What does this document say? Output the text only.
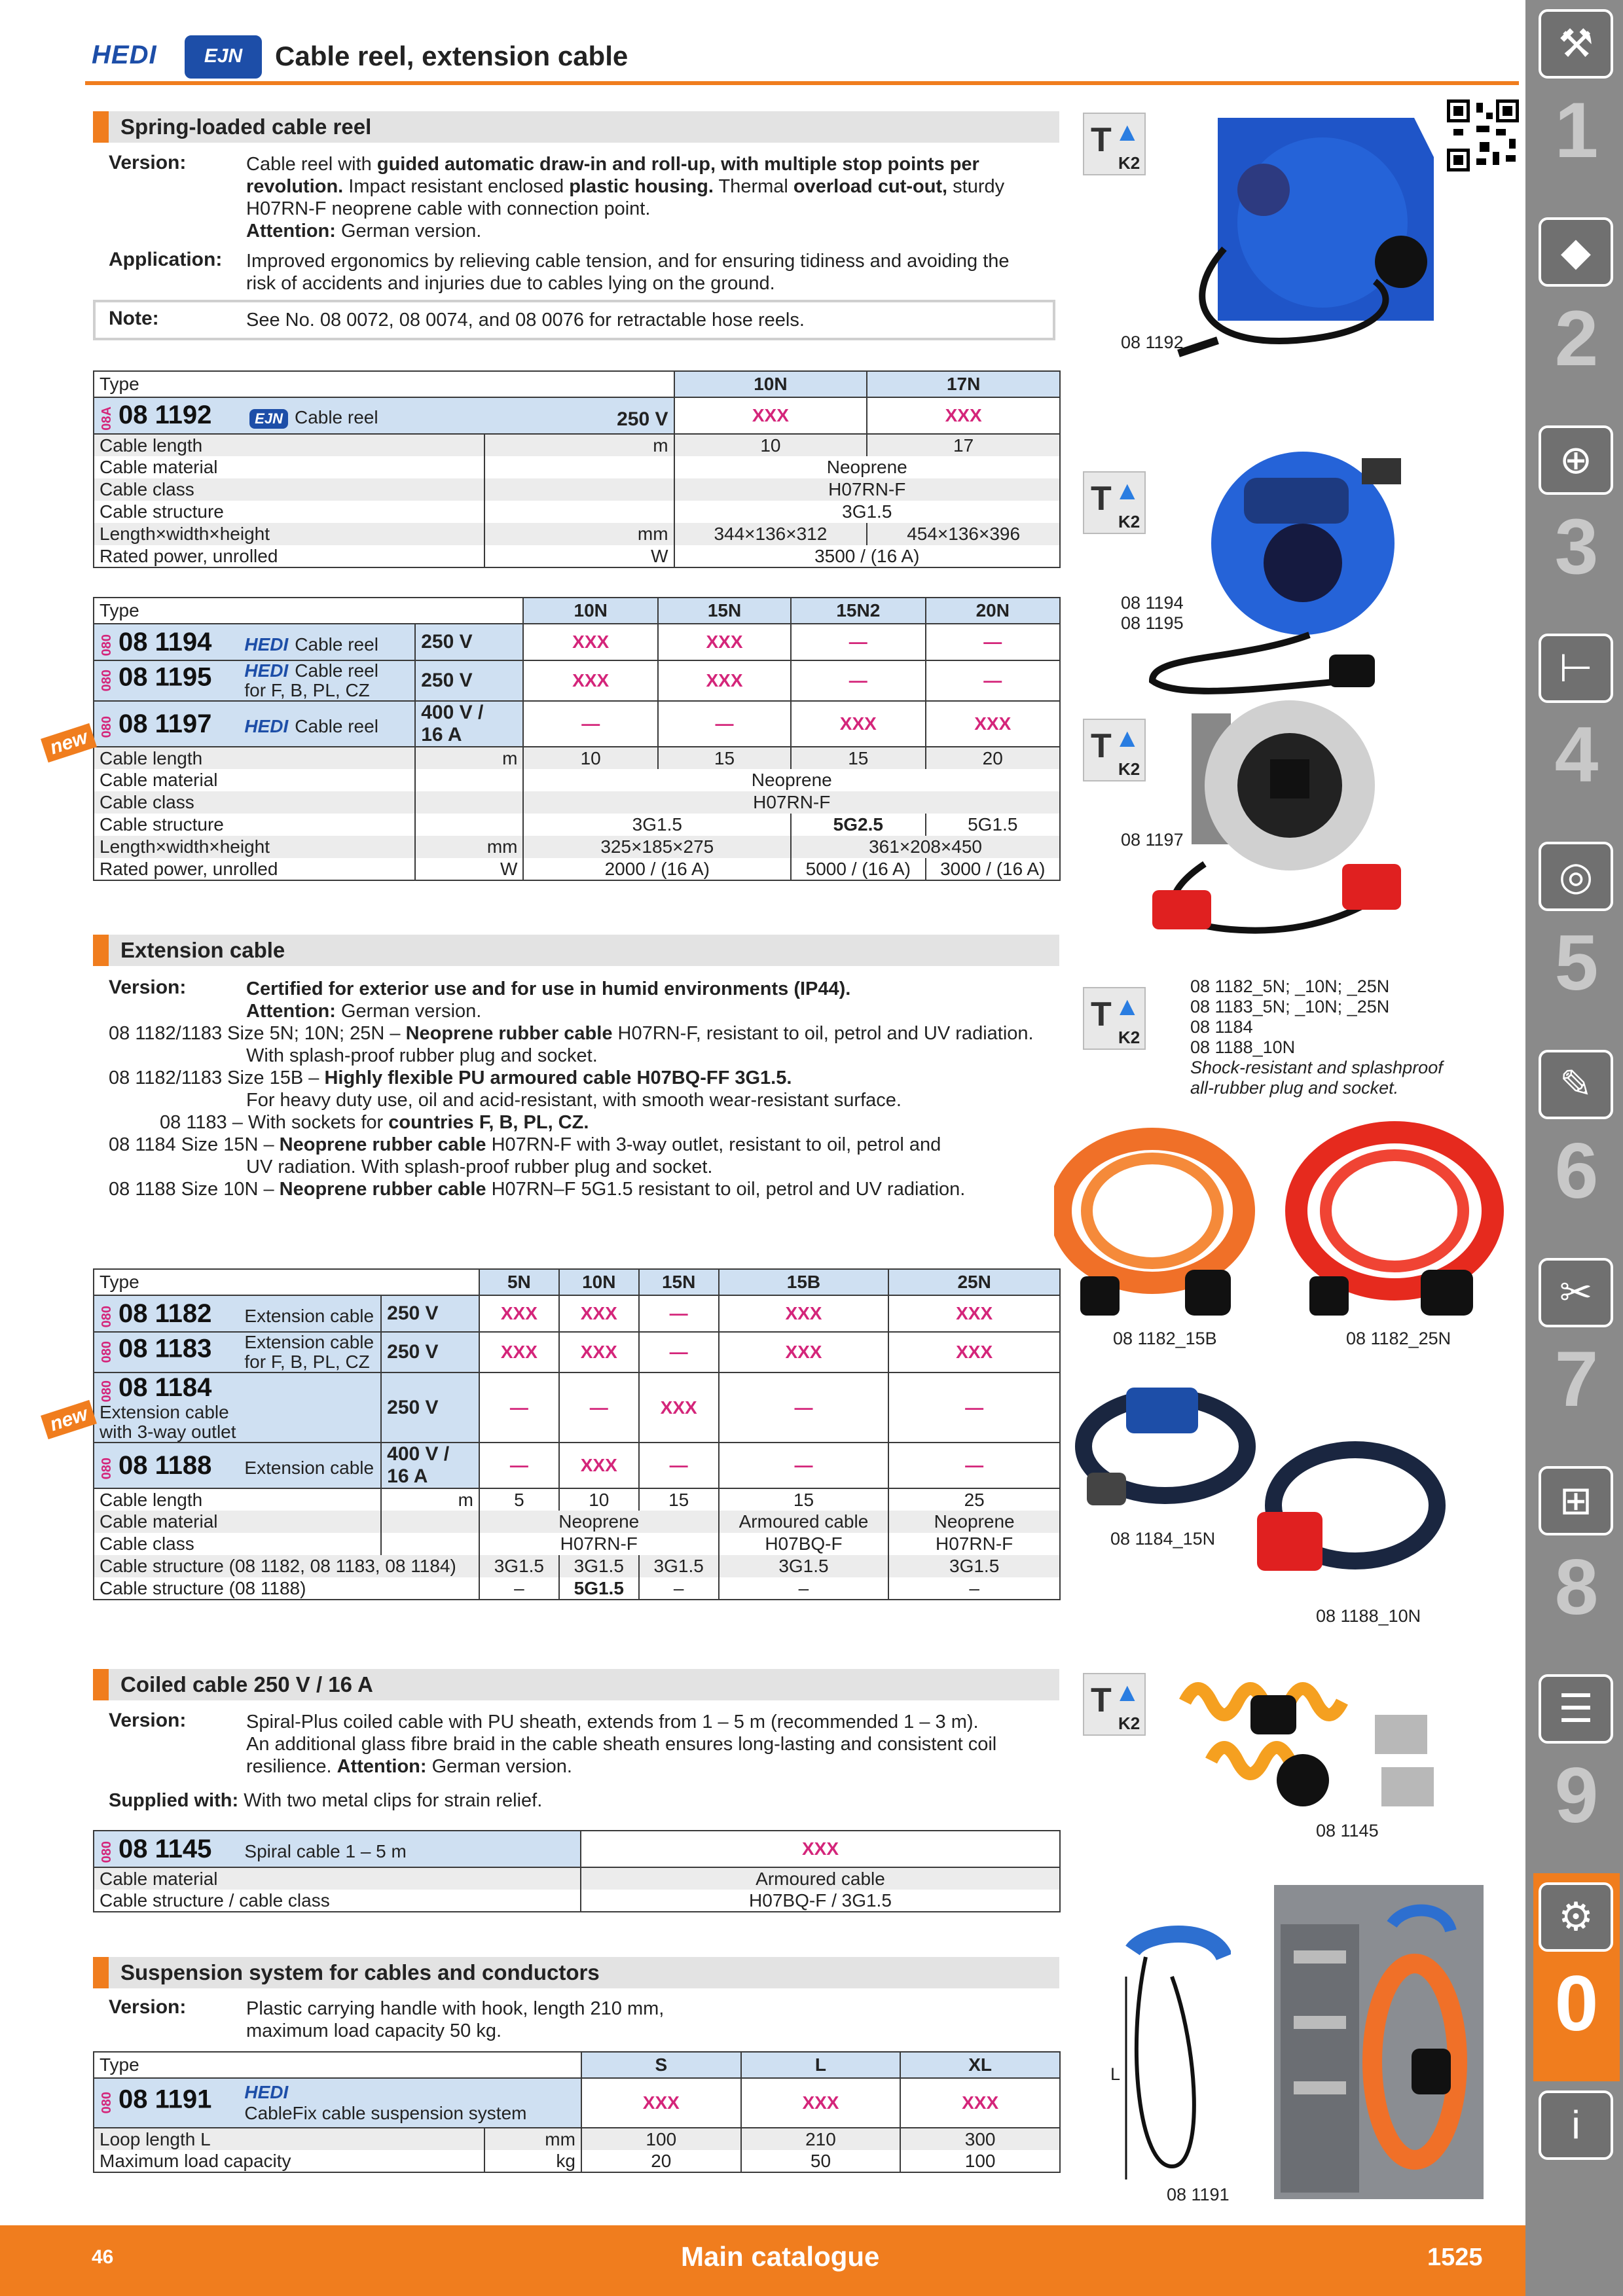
HEDI	EJN	Cable reel, extension cable
Spring-loaded cable reel
Version:	Cable reel with guided automatic draw-in and roll-up, with multiple stop points per
revolution. Impact resistant enclosed plastic housing. Thermal overload cut-out, sturdy
H07RN-F neoprene cable with connection point.
Attention: German version.
Application: Improved ergonomics by relieving cable tension, and for ensuring tidiness and avoiding the
risk of accidents and injuries due to cables lying on the ground.
Note:	See No. 08 0072, 08 0074, and 08 0076 for retractable hose reels.
Type		10N	17N
08A 08 1192 EJN Cable reel 250 V		XXX	XXX
Cable length	m	10	17
Cable material		Neoprene	
Cable class		H07RN-F	
Cable structure		3G1.5	
Length×width×height	mm	344×136×312	454×136×396
Rated power, unrolled	W	3500 / (16 A)	
Type		10N	15N	15N2	20N
080 08 1194 HEDI Cable reel	250 V	XXX	XXX	—	—
080 08 1195 HEDI Cable reel
for F, B, PL, CZ	250 V	XXX	XXX	—	—
080 08 1197 HEDI Cable reel	400 V /
16 A	—	—	XXX	XXX
Cable length	m	10	15	15	20
Cable material		Neoprene			
Cable class		H07RN-F			
Cable structure		3G1.5		5G2.5	5G1.5
Length×width×height	mm	325×185×275		361×208×450	
Rated power, unrolled	W	2000 / (16 A)		5000 / (16 A)	3000 / (16 A)
new
Extension cable
Version:	Certified for exterior use and for use in humid environments (IP44).
Attention: German version.
08 1182/1183 Size 5N; 10N; 25N – Neoprene rubber cable H07RN-F, resistant to oil, petrol and UV radiation.
With splash-proof rubber plug and socket.
08 1182/1183 Size 15B – Highly flexible PU armoured cable H07BQ-FF 3G1.5.
For heavy duty use, oil and acid-resistant, with smooth wear-resistant surface.
08 1183 – With sockets for countries F, B, PL, CZ.
08 1184 Size 15N – Neoprene rubber cable H07RN-F with 3-way outlet, resistant to oil, petrol and
UV radiation. With splash-proof rubber plug and socket.
08 1188 Size 10N – Neoprene rubber cable H07RN–F 5G1.5 resistant to oil, petrol and UV radiation.
Type		5N	10N	15N	15B	25N
080 08 1182 Extension cable	250 V	XXX	XXX	—	XXX	XXX
080 08 1183 Extension cable
for F, B, PL, CZ	250 V	XXX	XXX	—	XXX	XXX
080 08 1184Extension cable
with 3-way outlet	250 V	—	—	XXX	—	—
080 08 1188 Extension cable	400 V /
16 A	—	XXX	—	—	—
Cable length	m	5	10	15	15	25
Cable material		Neoprene			Armoured cable	Neoprene
Cable class		H07RN-F			H07BQ-F	H07RN-F
Cable structure (08 1182, 08 1183, 08 1184)		3G1.5	3G1.5	3G1.5	3G1.5	3G1.5
Cable structure (08 1188)		–	5G1.5	–	–	–
new
Coiled cable 250 V / 16 A
Version:	Spiral-Plus coiled cable with PU sheath, extends from 1 – 5 m (recommended 1 – 3 m).
An additional glass fibre braid in the cable sheath ensures long-lasting and consistent coil
resilience. Attention: German version.
Supplied with: With two metal clips for strain relief.
080 08 1145 Spiral cable 1 – 5 m	XXX
Cable material	Armoured cable
Cable structure / cable class	H07BQ-F / 3G1.5
Suspension system for cables and conductors
Version:	Plastic carrying handle with hook, length 210 mm,
maximum load capacity 50 kg.
Type		S	L	XL
080 08 1191 HEDI
CableFix cable suspension system		XXX	XXX	XXX
Loop length L	mm	100	210	300
Maximum load capacity	kg	20	50	100
T ▲
K2
T ▲
K2
T ▲
K2
T ▲
K2
T ▲
K2
08 1192
08 1194
08 1195
08 1197
08 1182_5N; _10N; _25N
08 1183_5N; _10N; _25N
08 1184
08 1188_10N
Shock-resistant and splashproof
all-rubber plug and socket.
08 1182_15B	08 1182_25N
08 1184_15N
08 1188_10N
08 1145
L
08 1191
⚒
1
◆
2
⊕
3
⊢
4
◎
5
✎
6
✂
7
⊞
8
☰
9
⚙
0
i
46	Main catalogue	1525
